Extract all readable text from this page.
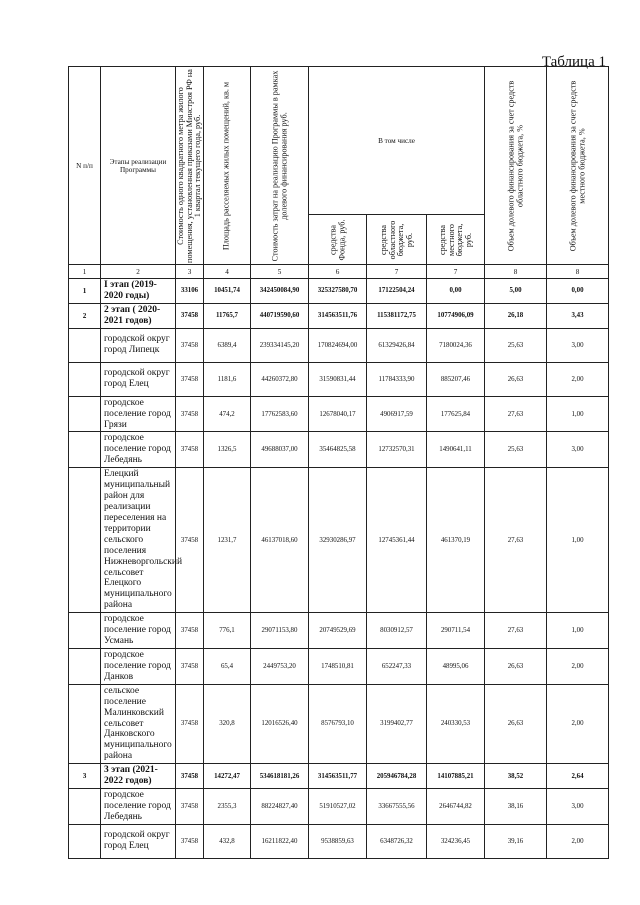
Таблица 1
N п/п	Этапы реализации Программы	Стоимость одного квадратного метра жилого помещения, установленная приказами Минстроя РФ на 1 квартал текущего года, руб.	Площадь расселяемых жилых помещений, кв. м	Стоимость затрат на реализацию Программы в рамках долевого финансирования руб.	В том числе			Объем долевого финансирования за счет средств областного бюджета, %	Объем долевого финансирования за счет средств местного бюджета, %

					средства Фонда, руб.	средства областного бюджета, руб.	средства местного бюджета, руб.		

1	2	3	4	5	6	7	7	8	8
1	I этап (2019-2020 годы)	33106	10451,74	342450084,90	325327580,70	17122504,24	0,00	5,00	0,00
2	2 этап ( 2020-2021 годов)	37458	11765,7	440719590,60	314563511,76	115381172,75	10774906,09	26,18	3,43
	городской округ город Липецк	37458	6389,4	239334145,20	170824694,00	61329426,84	7180024,36	25,63	3,00
	городской округ город Елец	37458	1181,6	44260372,80	31590831,44	11784333,90	885207,46	26,63	2,00
	городское поселение город Грязи	37458	474,2	17762583,60	12678040,17	4906917,59	177625,84	27,63	1,00
	городское поселение город Лебедянь	37458	1326,5	49688037,00	35464825,58	12732570,31	1490641,11	25,63	3,00
	Елецкий муниципальный район для реализации переселения на территории сельского поселения Нижневоргольский сельсовет Елецкого муниципального района	37458	1231,7	46137018,60	32930286,97	12745361,44	461370,19	27,63	1,00
	городское поселение город Усмань	37458	776,1	29071153,80	20749529,69	8030912,57	290711,54	27,63	1,00
	городское поселение город Данков	37458	65,4	2449753,20	1748510,81	652247,33	48995,06	26,63	2,00
	сельское поселение Малинковский сельсовет Данковского муниципального района	37458	320,8	12016526,40	8576793,10	3199402,77	240330,53	26,63	2,00
3	3 этап (2021-2022 годов)	37458	14272,47	534618181,26	314563511,77	205946784,28	14107885,21	38,52	2,64
	городское поселение город Лебедянь	37458	2355,3	88224827,40	51910527,02	33667555,56	2646744,82	38,16	3,00
	городской округ город Елец	37458	432,8	16211822,40	9538859,63	6348726,32	324236,45	39,16	2,00
